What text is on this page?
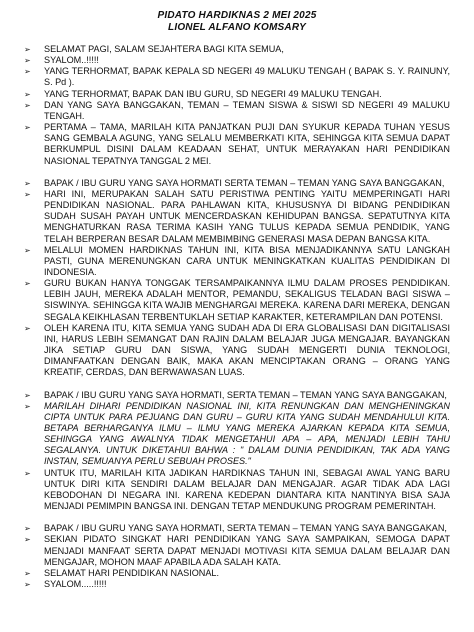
PIDATO HARDIKNAS 2 MEI 2025
LIONEL ALFANO KOMSARY
➢	SELAMAT PAGI, SALAM SEJAHTERA BAGI KITA SEMUA,
➢	SYALOM..!!!!!
➢	YANG TERHORMAT, BAPAK KEPALA SD NEGERI 49 MALUKU TENGAH ( BAPAK S. Y. RAINUNY, S. Pd ).
➢	YANG TERHORMAT, BAPAK DAN IBU GURU, SD NEGERI 49 MALUKU TENGAH.
➢	DAN YANG SAYA BANGGAKAN, TEMAN – TEMAN SISWA & SISWI SD NEGERI 49 MALUKU TENGAH.
➢	PERTAMA – TAMA, MARILAH KITA PANJATKAN PUJI DAN SYUKUR KEPADA TUHAN YESUS SANG GEMBALA AGUNG, YANG SELALU MEMBERKATI KITA, SEHINGGA KITA SEMUA DAPAT BERKUMPUL DISINI DALAM KEADAAN SEHAT, UNTUK MERAYAKAN HARI PENDIDIKAN NASIONAL TEPATNYA TANGGAL 2 MEI.
➢	BAPAK / IBU GURU YANG SAYA HORMATI SERTA TEMAN – TEMAN YANG SAYA BANGGAKAN,
➢	HARI INI, MERUPAKAN SALAH SATU PERISTIWA PENTING YAITU MEMPERINGATI HARI PENDIDIKAN NASIONAL. PARA PAHLAWAN KITA, KHUSUSNYA DI BIDANG PENDIDIKAN SUDAH SUSAH PAYAH UNTUK MENCERDASKAN KEHIDUPAN BANGSA. SEPATUTNYA KITA MENGHATURKAN RASA TERIMA KASIH YANG TULUS KEPADA SEMUA PENDIDIK, YANG TELAH BERPERAN BESAR DALAM MEMBIMBING GENERASI MASA DEPAN BANGSA KITA.
➢	MELALUI MOMEN HARDIKNAS TAHUN INI, KITA BISA MENJADIKANNYA SATU LANGKAH PASTI, GUNA MERENUNGKAN CARA UNTUK MENINGKATKAN KUALITAS PENDIDIKAN DI INDONESIA.
➢	GURU BUKAN HANYA TONGGAK TERSAMPAIKANNYA ILMU DALAM PROSES PENDIDIKAN. LEBIH JAUH, MEREKA ADALAH MENTOR, PEMANDU, SEKALIGUS TELADAN BAGI SISWA – SISWINYA. SEHINGGA KITA WAJIB MENGHARGAI MEREKA. KARENA DARI MEREKA, DENGAN SEGALA KEIKHLASAN TERBENTUKLAH SETIAP KARAKTER, KETERAMPILAN DAN POTENSI.
➢	OLEH KARENA ITU, KITA SEMUA YANG SUDAH ADA DI ERA GLOBALISASI DAN DIGITALISASI INI, HARUS LEBIH SEMANGAT DAN RAJIN DALAM BELAJAR JUGA MENGAJAR. BAYANGKAN JIKA SETIAP GURU DAN SISWA, YANG SUDAH MENGERTI DUNIA TEKNOLOGI, DIMANFAATKAN DENGAN BAIK, MAKA AKAN MENCIPTAKAN ORANG – ORANG YANG KREATIF, CERDAS, DAN BERWAWASAN LUAS.
➢	BAPAK / IBU GURU YANG SAYA HORMATI, SERTA TEMAN – TEMAN YANG SAYA BANGGAKAN,
➢	MARILAH DIHARI PENDIDIKAN NASIONAL INI, KITA RENUNGKAN DAN MENGHENINGKAN CIPTA UNTUK PARA PEJUANG DAN GURU – GURU KITA YANG SUDAH MENDAHULUI KITA. BETAPA BERHARGANYA ILMU – ILMU YANG MEREKA AJARKAN KEPADA KITA SEMUA, SEHINGGA YANG AWALNYA TIDAK MENGETAHUI APA – APA, MENJADI LEBIH TAHU SEGALANYA. UNTUK DIKETAHUI BAHWA : " DALAM DUNIA PENDIDIKAN, TAK ADA YANG INSTAN, SEMUANYA PERLU SEBUAH PROSES."
➢	UNTUK ITU, MARILAH KITA JADIKAN HARDIKNAS TAHUN INI, SEBAGAI AWAL YANG BARU UNTUK DIRI KITA SENDIRI DALAM BELAJAR DAN MENGAJAR. AGAR TIDAK ADA LAGI KEBODOHAN DI NEGARA INI. KARENA KEDEPAN DIANTARA KITA NANTINYA BISA SAJA MENJADI PEMIMPIN BANGSA INI. DENGAN TETAP MENDUKUNG PROGRAM PEMERINTAH.
➢	BAPAK / IBU GURU YANG SAYA HORMATI, SERTA TEMAN – TEMAN YANG SAYA BANGGAKAN,
➢	SEKIAN PIDATO SINGKAT HARI PENDIDIKAN YANG SAYA SAMPAIKAN, SEMOGA DAPAT MENJADI MANFAAT SERTA DAPAT MENJADI MOTIVASI KITA SEMUA DALAM BELAJAR DAN MENGAJAR, MOHON MAAF APABILA ADA SALAH KATA.
➢	SELAMAT HARI PENDIDIKAN NASIONAL.
➢	SYALOM.....!!!!!
